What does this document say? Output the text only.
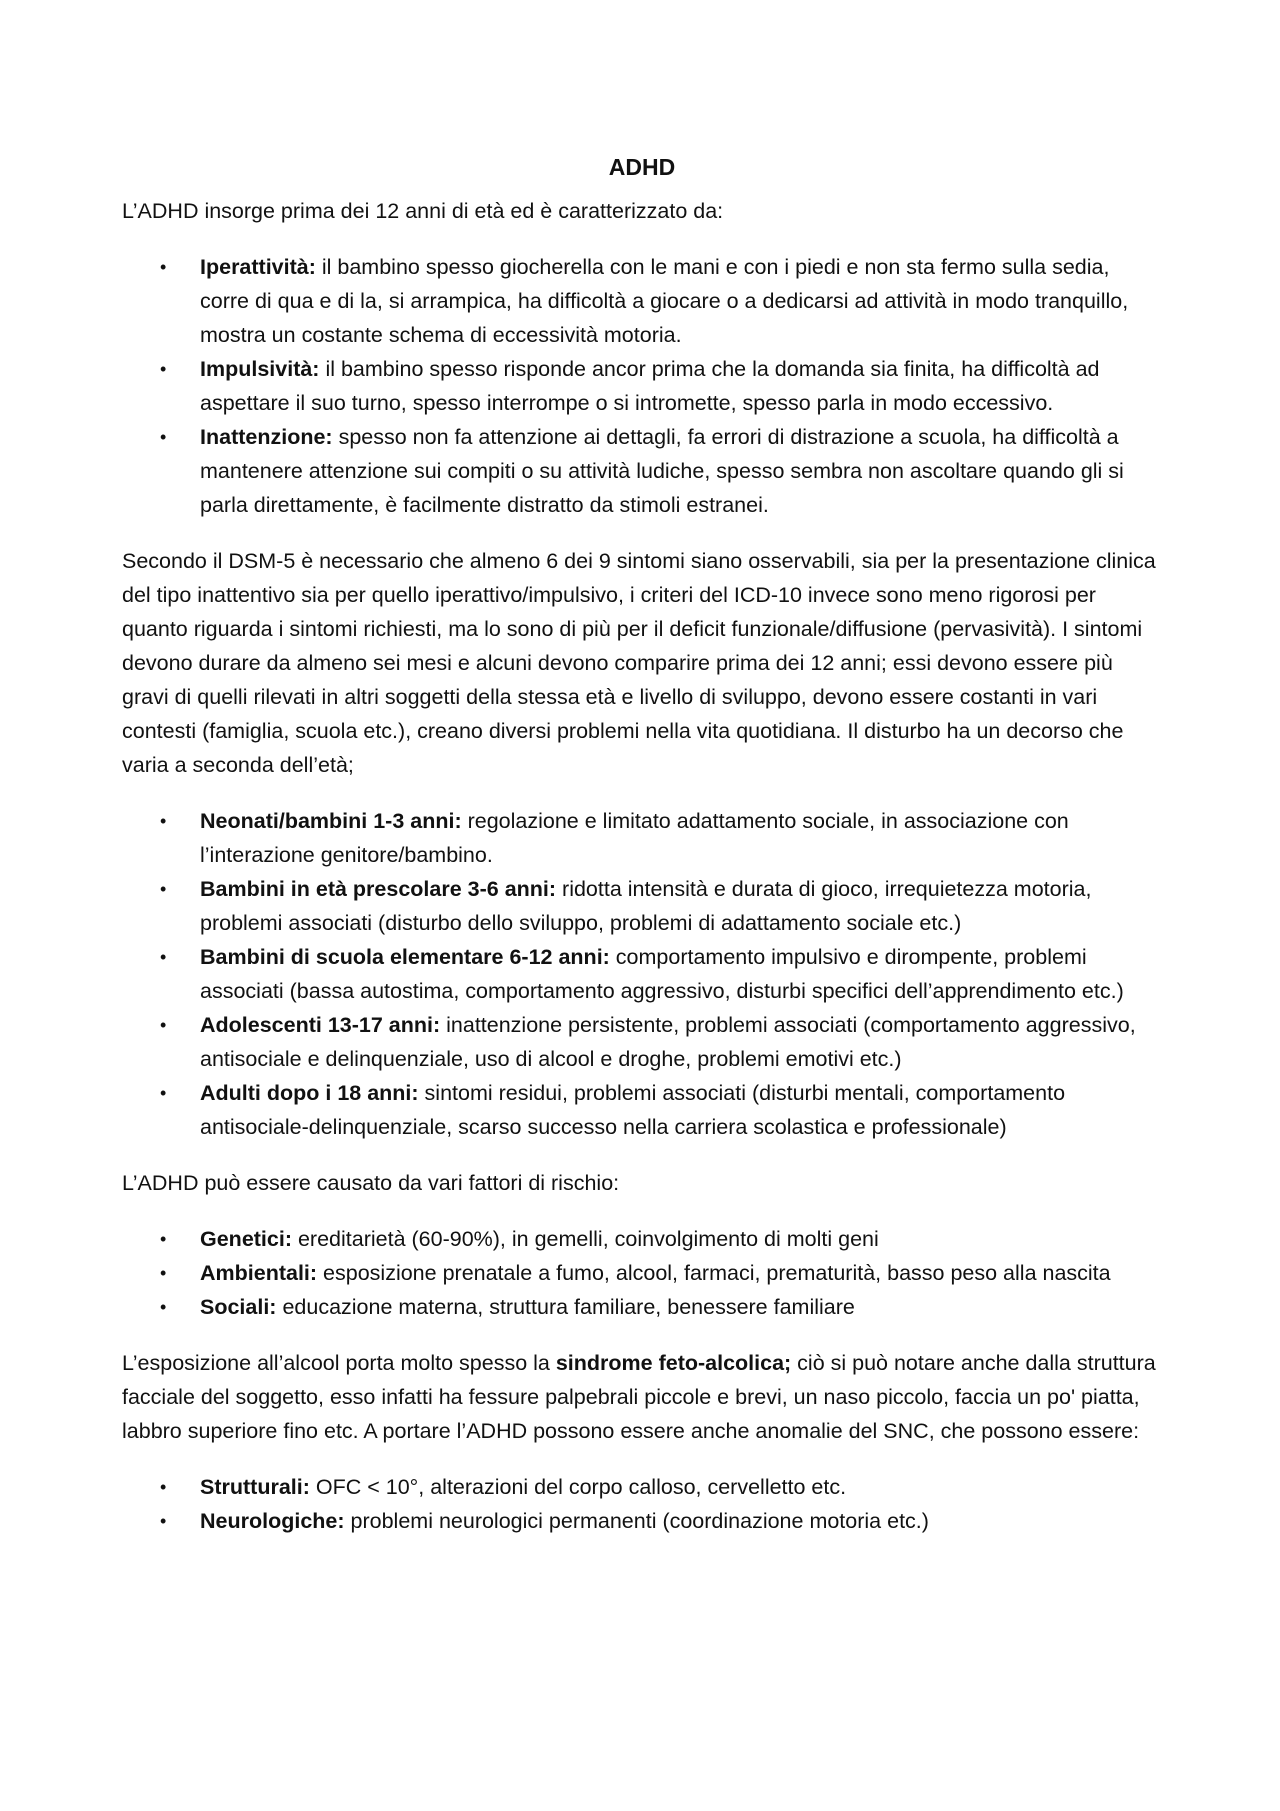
ADHD

L’ADHD insorge prima dei 12 anni di età ed è caratterizzato da:

• Iperattività: il bambino spesso giocherella con le mani e con i piedi e non sta fermo sulla sedia, corre di qua e di la, si arrampica, ha difficoltà a giocare o a dedicarsi ad attività in modo tranquillo, mostra un costante schema di eccessività motoria.
• Impulsività: il bambino spesso risponde ancor prima che la domanda sia finita, ha difficoltà ad aspettare il suo turno, spesso interrompe o si intromette, spesso parla in modo eccessivo.
• Inattenzione: spesso non fa attenzione ai dettagli, fa errori di distrazione a scuola, ha difficoltà a mantenere attenzione sui compiti o su attività ludiche, spesso sembra non ascoltare quando gli si parla direttamente, è facilmente distratto da stimoli estranei.

Secondo il DSM-5 è necessario che almeno 6 dei 9 sintomi siano osservabili, sia per la presentazione clinica del tipo inattentivo sia per quello iperattivo/impulsivo, i criteri del ICD-10 invece sono meno rigorosi per quanto riguarda i sintomi richiesti, ma lo sono di più per il deficit funzionale/diffusione (pervasività). I sintomi devono durare da almeno sei mesi e alcuni devono comparire prima dei 12 anni; essi devono essere più gravi di quelli rilevati in altri soggetti della stessa età e livello di sviluppo, devono essere costanti in vari contesti (famiglia, scuola etc.), creano diversi problemi nella vita quotidiana. Il disturbo ha un decorso che varia a seconda dell’età;

• Neonati/bambini 1-3 anni: regolazione e limitato adattamento sociale, in associazione con l’interazione genitore/bambino.
• Bambini in età prescolare 3-6 anni: ridotta intensità e durata di gioco, irrequietezza motoria, problemi associati (disturbo dello sviluppo, problemi di adattamento sociale etc.)
• Bambini di scuola elementare 6-12 anni: comportamento impulsivo e dirompente, problemi associati (bassa autostima, comportamento aggressivo, disturbi specifici dell’apprendimento etc.)
• Adolescenti 13-17 anni: inattenzione persistente, problemi associati (comportamento aggressivo, antisociale e delinquenziale, uso di alcool e droghe, problemi emotivi etc.)
• Adulti dopo i 18 anni: sintomi residui, problemi associati (disturbi mentali, comportamento antisociale-delinquenziale, scarso successo nella carriera scolastica e professionale)

L’ADHD può essere causato da vari fattori di rischio:

• Genetici: ereditarietà (60-90%), in gemelli, coinvolgimento di molti geni
• Ambientali: esposizione prenatale a fumo, alcool, farmaci, prematurità, basso peso alla nascita
• Sociali: educazione materna, struttura familiare, benessere familiare

L’esposizione all’alcool porta molto spesso la sindrome feto-alcolica; ciò si può notare anche dalla struttura facciale del soggetto, esso infatti ha fessure palpebrali piccole e brevi, un naso piccolo, faccia un po' piatta, labbro superiore fino etc. A portare l’ADHD possono essere anche anomalie del SNC, che possono essere:

• Strutturali: OFC < 10°, alterazioni del corpo calloso, cervelletto etc.
• Neurologiche: problemi neurologici permanenti (coordinazione motoria etc.)
